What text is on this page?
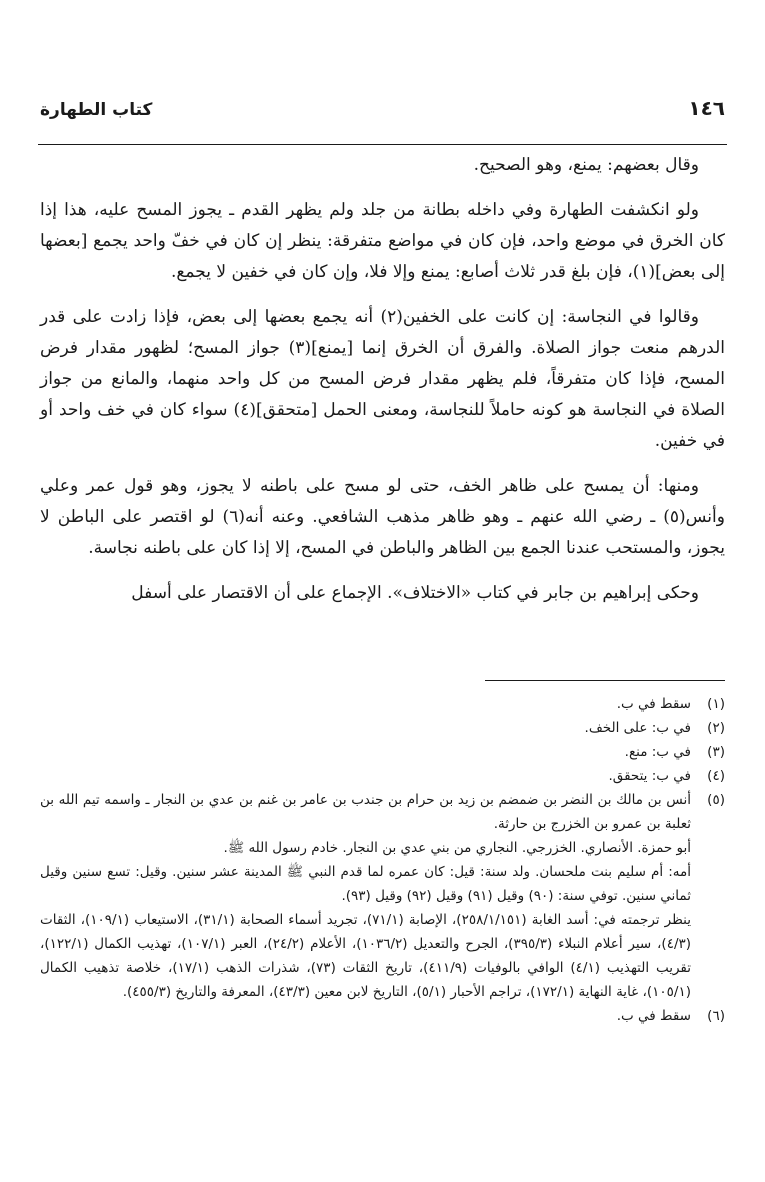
١٤٦
كتاب الطهارة

وقال بعضهم: يمنع، وهو الصحيح.

ولو انكشفت الطهارة وفي داخله بطانة من جلد ولم يظهر القدم ـ يجوز المسح عليه، هذا إذا كان الخرق في موضع واحد، فإن كان في مواضع متفرقة: ينظر إن كان في خفّ واحد يجمع [بعضها إلى بعض](١)، فإن بلغ قدر ثلاث أصابع: يمنع وإلا فلا، وإن كان في خفين لا يجمع.

وقالوا في النجاسة: إن كانت على الخفين(٢) أنه يجمع بعضها إلى بعض، فإذا زادت على قدر الدرهم منعت جواز الصلاة. والفرق أن الخرق إنما [يمنع](٣) جواز المسح؛ لظهور مقدار فرض المسح، فإذا كان متفرقاً، فلم يظهر مقدار فرض المسح من كل واحد منهما، والمانع من جواز الصلاة في النجاسة هو كونه حاملاً للنجاسة، ومعنى الحمل [متحقق](٤) سواء كان في خف واحد أو في خفين.

ومنها: أن يمسح على ظاهر الخف، حتى لو مسح على باطنه لا يجوز، وهو قول عمر وعلي وأنس(٥) ـ رضي الله عنهم ـ وهو ظاهر مذهب الشافعي. وعنه أنه(٦) لو اقتصر على الباطن لا يجوز، والمستحب عندنا الجمع بين الظاهر والباطن في المسح، إلا إذا كان على باطنه نجاسة.

وحكى إبراهيم بن جابر في كتاب «الاختلاف». الإجماع على أن الاقتصار على أسفل

(١)
سقط في ب.
(٢)
في ب: على الخف.
(٣)
في ب: منع.
(٤)
في ب: يتحقق.
(٥)
أنس بن مالك بن النضر بن ضمضم بن زيد بن حرام بن جندب بن عامر بن غنم بن عدي بن النجار ـ واسمه تيم الله بن ثعلبة بن عمرو بن الخزرج بن حارثة.
أبو حمزة. الأنصاري. الخزرجي. النجاري من بني عدي بن النجار. خادم رسول الله ﷺ.
أمه: أم سليم بنت ملحسان. ولد سنة: قيل: كان عمره لما قدم النبي ﷺ المدينة عشر سنين. وقيل: تسع سنين وقيل ثماني سنين. توفي سنة: (٩٠) وقيل (٩١) وقيل (٩٢) وقيل (٩٣).
ينظر ترجمته في: أسد الغابة (٢٥٨/١/١٥١)، الإصابة (٧١/١)، تجريد أسماء الصحابة (٣١/١)، الاستيعاب (١٠٩/١)، الثقات (٤/٣)، سير أعلام النبلاء (٣٩٥/٣)، الجرح والتعديل (١٠٣٦/٢)، الأعلام (٢٤/٢)، العبر (١٠٧/١)، تهذيب الكمال (١٢٢/١)، تقريب التهذيب (٤/١) الوافي بالوفيات (٤١١/٩)، تاريخ الثقات (٧٣)، شذرات الذهب (١٧/١)، خلاصة تذهيب الكمال (١٠٥/١)، غاية النهاية (١٧٢/١)، تراجم الأحبار (٥/١)، التاريخ لابن معين (٤٣/٣)، المعرفة والتاريخ (٤٥٥/٣).
(٦)
سقط في ب.
